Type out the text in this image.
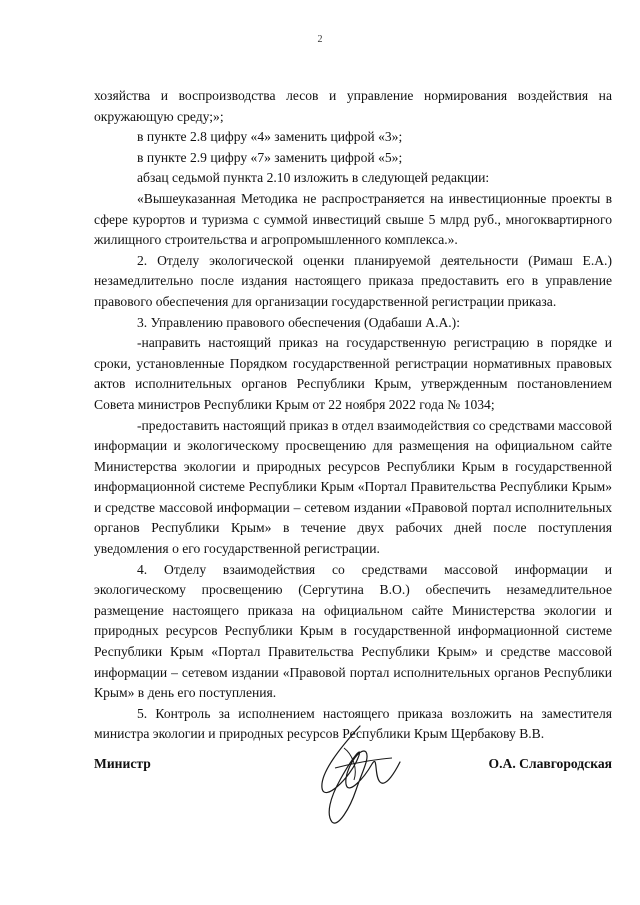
2

хозяйства и воспроизводства лесов и управление нормирования воздействия на окружающую среду;»;

в пункте 2.8 цифру «4» заменить цифрой «3»;

в пункте 2.9 цифру «7» заменить цифрой «5»;

абзац седьмой пункта 2.10 изложить в следующей редакции:

«Вышеуказанная Методика не распространяется на инвестиционные проекты в сфере курортов и туризма с суммой инвестиций свыше 5 млрд руб., многоквартирного жилищного строительства и агропромышленного комплекса.».

2. Отделу экологической оценки планируемой деятельности (Римаш Е.А.) незамедлительно после издания настоящего приказа предоставить его в управление правового обеспечения для организации государственной регистрации приказа.

3. Управлению правового обеспечения (Одабаши А.А.):

-направить настоящий приказ на государственную регистрацию в порядке и сроки, установленные Порядком государственной регистрации нормативных правовых актов исполнительных органов Республики Крым, утвержденным постановлением Совета министров Республики Крым от 22 ноября 2022 года № 1034;

-предоставить настоящий приказ в отдел взаимодействия со средствами массовой информации и экологическому просвещению для размещения на официальном сайте Министерства экологии и природных ресурсов Республики Крым в государственной информационной системе Республики Крым «Портал Правительства Республики Крым» и средстве массовой информации – сетевом издании «Правовой портал исполнительных органов Республики Крым» в течение двух рабочих дней после поступления уведомления о его государственной регистрации.

4. Отделу взаимодействия со средствами массовой информации и экологическому просвещению (Сергутина В.О.) обеспечить незамедлительное размещение настоящего приказа на официальном сайте Министерства экологии и природных ресурсов Республики Крым в государственной информационной системе Республики Крым «Портал Правительства Республики Крым» и средстве массовой информации – сетевом издании «Правовой портал исполнительных органов Республики Крым» в день его поступления.

5. Контроль за исполнением настоящего приказа возложить на заместителя министра экологии и природных ресурсов Республики Крым Щербакову В.В.

Министр	О.А. Славгородская
